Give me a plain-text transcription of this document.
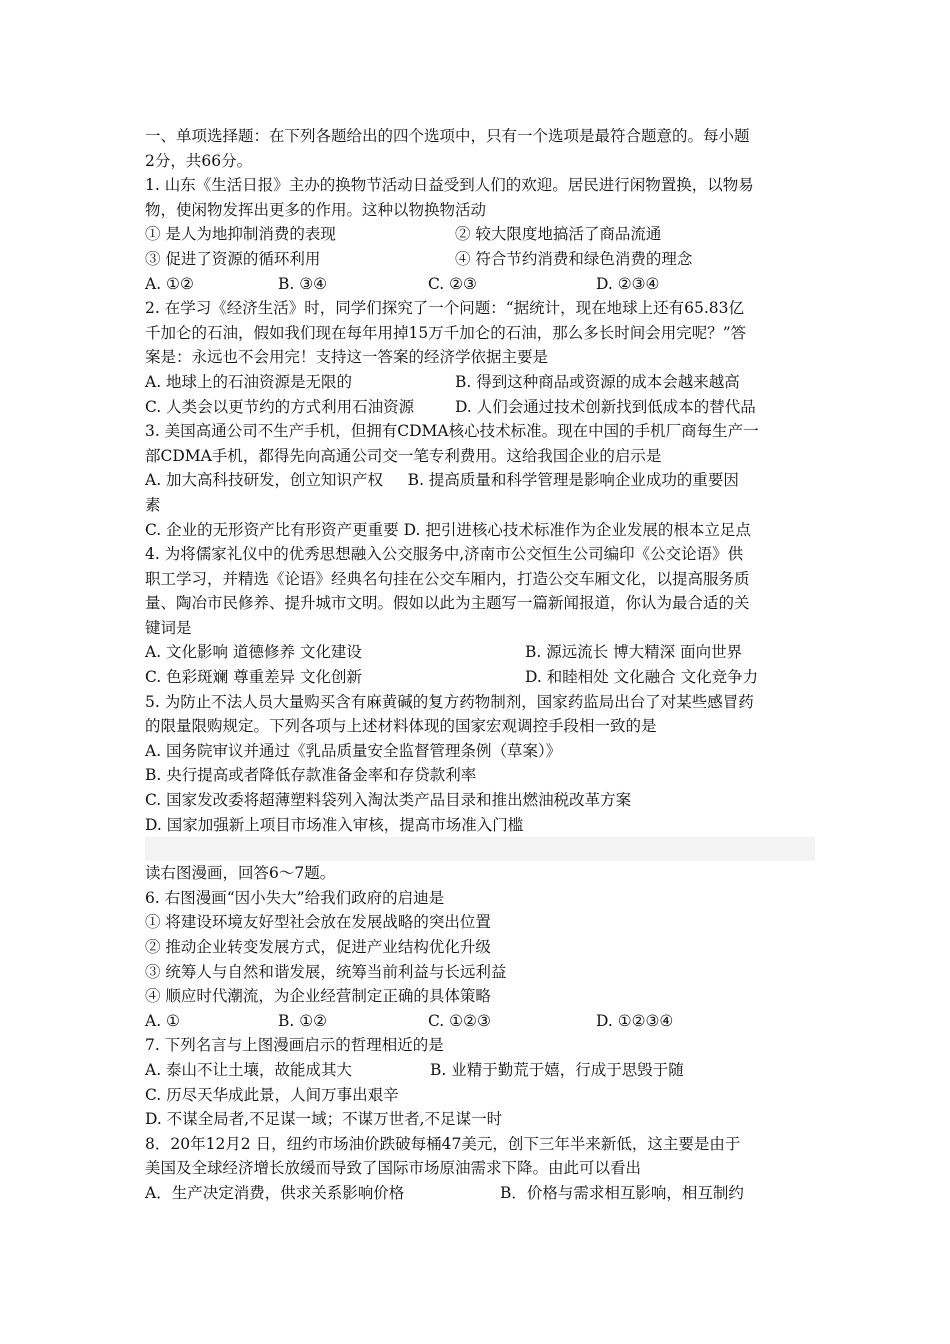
一、单项选择题：在下列各题给出的四个选项中，只有一个选项是最符合题意的。每小题
2分，共66分。
1. 山东《生活日报》主办的换物节活动日益受到人们的欢迎。居民进行闲物置换，以物易
物，使闲物发挥出更多的作用。这种以物换物活动
① 是人为地抑制消费的表现	② 较大限度地搞活了商品流通
③ 促进了资源的循环利用	④ 符合节约消费和绿色消费的理念
A. ①②	B. ③④	C. ②③	D. ②③④
2. 在学习《经济生活》时，同学们探究了一个问题：“据统计，现在地球上还有65.83亿
千加仑的石油，假如我们现在每年用掉15万千加仑的石油，那么多长时间会用完呢？”答
案是：永远也不会用完！支持这一答案的经济学依据主要是
A. 地球上的石油资源是无限的	B. 得到这种商品或资源的成本会越来越高
C. 人类会以更节约的方式利用石油资源	D. 人们会通过技术创新找到低成本的替代品
3. 美国高通公司不生产手机，但拥有CDMA核心技术标准。现在中国的手机厂商每生产一
部CDMA手机，都得先向高通公司交一笔专利费用。这给我国企业的启示是
A. 加大高科技研发，创立知识产权     B. 提高质量和科学管理是影响企业成功的重要因
素
C. 企业的无形资产比有形资产更重要 D. 把引进核心技术标准作为企业发展的根本立足点
4. 为将儒家礼仪中的优秀思想融入公交服务中,济南市公交恒生公司编印《公交论语》供
职工学习，并精选《论语》经典名句挂在公交车厢内，打造公交车厢文化，以提高服务质
量、陶冶市民修养、提升城市文明。假如以此为主题写一篇新闻报道，你认为最合适的关
键词是
A. 文化影响 道德修养 文化建设	B. 源远流长 博大精深 面向世界
C. 色彩斑斓 尊重差异 文化创新	D. 和睦相处 文化融合 文化竞争力
5. 为防止不法人员大量购买含有麻黄碱的复方药物制剂，国家药监局出台了对某些感冒药
的限量限购规定。下列各项与上述材料体现的国家宏观调控手段相一致的是
A. 国务院审议并通过《乳品质量安全监督管理条例（草案）》
B. 央行提高或者降低存款准备金率和存贷款利率
C. 国家发改委将超薄塑料袋列入淘汰类产品目录和推出燃油税改革方案
D. 国家加强新上项目市场准入审核，提高市场准入门槛
读右图漫画，回答6～7题。
6. 右图漫画“因小失大”给我们政府的启迪是
① 将建设环境友好型社会放在发展战略的突出位置
② 推动企业转变发展方式，促进产业结构优化升级
③ 统筹人与自然和谐发展，统筹当前利益与长远利益
④ 顺应时代潮流，为企业经营制定正确的具体策略
A. ①	B. ①②	C. ①②③	D. ①②③④
7. 下列名言与上图漫画启示的哲理相近的是
A. 泰山不让土壤，故能成其大	B. 业精于勤荒于嬉，行成于思毁于随
C. 历尽天华成此景，人间万事出艰辛
D. 不谋全局者,不足谋一域；不谋万世者,不足谋一时
8．20年12月2 日，纽约市场油价跌破每桶47美元，创下三年半来新低，这主要是由于
美国及全球经济增长放缓而导致了国际市场原油需求下降。由此可以看出
A．生产决定消费，供求关系影响价格	B．价格与需求相互影响，相互制约
